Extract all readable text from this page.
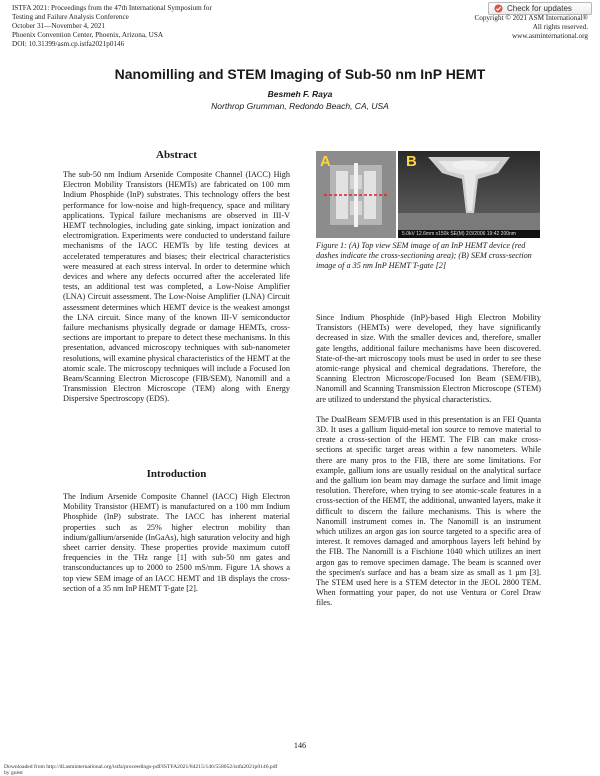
ISTFA 2021: Proceedings from the 47th International Symposium for
Testing and Failure Analysis Conference
October 31—November 4, 2021
Phoenix Convention Center, Phoenix, Arizona, USA
DOI: 10.31399/asm.cp.istfa2021p0146
Check for updates
Copyright © 2021 ASM International®
All rights reserved.
www.asminternational.org
Nanomilling and STEM Imaging of Sub-50 nm InP HEMT
Besmeh F. Raya
Northrop Grumman, Redondo Beach, CA, USA
Abstract

The sub-50 nm Indium Arsenide Composite Channel (IACC) High Electron Mobility Transistors (HEMTs) are fabricated on 100 mm Indium Phosphide (InP) substrates. This technology offers the best performance for low-noise and high-frequency, space and military applications. Typical failure mechanisms are observed in III-V HEMT technologies, including gate sinking, impact ionization and electromigration. Experiments were conducted to understand failure mechanisms of the IACC HEMTs by life testing devices at accelerated temperatures and biases; their electrical characteristics were measured at each stress interval. In order to determine which devices and where any defects occurred after the accelerated life tests, an additional test was completed, a Low-Noise Amplifier (LNA) Circuit assessment. The Low-Noise Amplifier (LNA) Circuit assessment determines which HEMT device is the weakest amongst the LNA circuit. Since many of the known III-V semiconductor failure mechanisms physically degrade or damage HEMTs, cross-sections are important to prepare to detect these mechanisms. In this presentation, advanced microscopy techniques with sub-nanometer resolutions, will examine physical characteristics of the HEMT at the atomic scale. The microscopy techniques will include a Focused Ion Beam/Scanning Electron Microscope (FIB/SEM), Nanomill and a Transmission Electron Microscope (TEM) along with Energy Dispersive Spectroscopy (EDS).

Introduction

The Indium Arsenide Composite Channel (IACC) High Electron Mobility Transistor (HEMT) is manufactured on a 100 mm Indium Phosphide (InP) substrate. The IACC has inherent material properties such as 25% higher electron mobility than indium/gallium/arsenide (InGaAs), high saturation velocity and high sheet carrier density. These properties provide maximum cutoff frequencies in the THz range [1] with sub-50 nm gates and transconductances up to 2000 to 2500 mS/mm. Figure 1A shows a top view SEM image of an IACC HEMT and 1B displays the cross-section of a 35 nm InP HEMT T-gate [2].

A	B
5.0kV 12.6mm x150k SE(M) 2/3/2006 19:42 200nm
Figure 1: (A) Top view SEM image of an InP HEMT device (red dashes indicate the cross-sectioning area); (B) SEM cross-section image of a 35 nm InP HEMT T-gate [2]

Since Indium Phosphide (InP)-based High Electron Mobility Transistors (HEMTs) were developed, they have significantly decreased in size. With the smaller devices and, therefore, smaller gate lengths, additional failure mechanisms have been discovered. State-of-the-art microscopy tools must be used in order to see these atomic-range physical and chemical degradations. Therefore, the Scanning Electron Microscope/Focused Ion Beam (SEM/FIB), Nanomill and Scanning Transmission Electron Microscope (STEM) are utilized to understand the physical characteristics.

The DualBeam SEM/FIB used in this presentation is an FEI Quanta 3D. It uses a gallium liquid-metal ion source to remove material to create a cross-section of the HEMT. The FIB can make cross-sections at specific target areas within a few nanometers. While there are many pros to the FIB, there are some limitations. For example, gallium ions are usually residual on the analytical surface and the gallium ion beam may damage the surface and limit image resolution. Therefore, when trying to see atomic-scale features in a cross-section of the HEMT, the additional, unwanted layers, make it difficult to discern the failure mechanisms. This is where the Nanomill instrument comes in. The Nanomill is an instrument which utilizes an argon gas ion source targeted to a specific area of interest. It removes damaged and amorphous layers left behind by the FIB. The Nanomill is a Fischione 1040 which utilizes an inert argon gas to remove specimen damage. The beam is scanned over the specimen's surface and has a beam size as small as 1 µm [3]. The STEM used here is a STEM detector in the JEOL 2800 TEM. When formatting your paper, do not use Ventura or Corel Draw files.

146
Downloaded from http://dl.asminternational.org/istfa/proceedings-pdf/ISTFA2021/84215/146/558052/istfa2021p0146.pdf
by guest
